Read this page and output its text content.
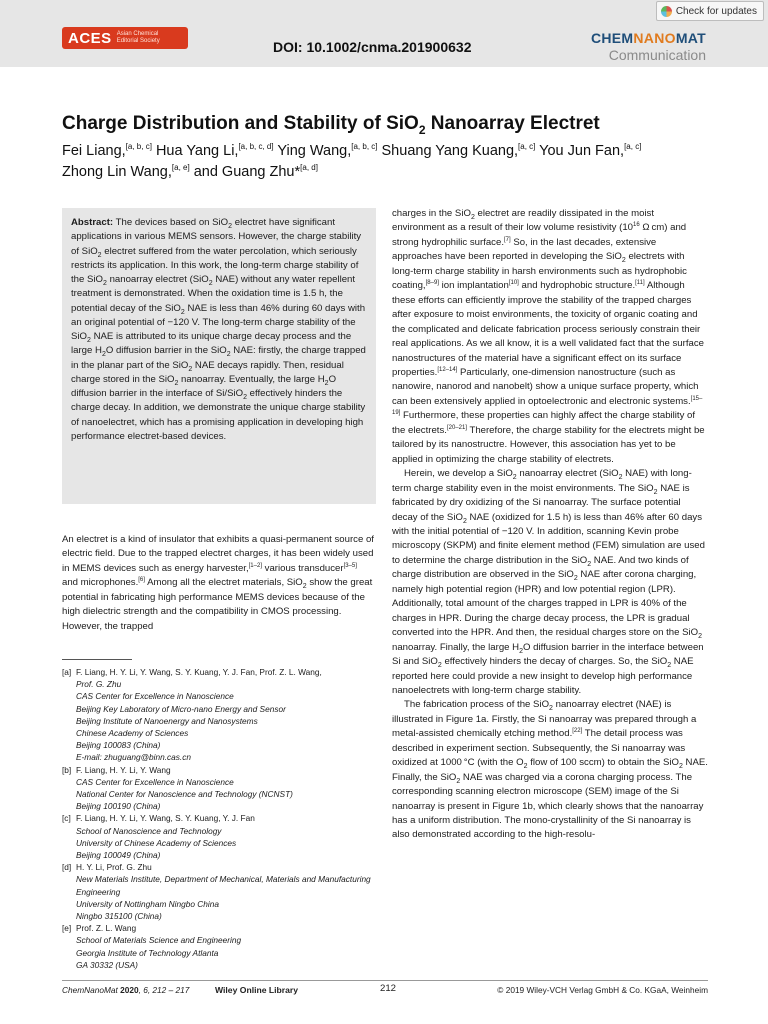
Check for updates
ACES Asian Chemical
Editorial Society	DOI: 10.1002/cnma.201900632
CHEMNANOMAT
Communication
Charge Distribution and Stability of SiO$_2$ Nanoarray Electret
Fei Liang,[a, b, c] Hua Yang Li,[a, b, c, d] Ying Wang,[a, b, c] Shuang Yang Kuang,[a, c] You Jun Fan,[a, c]
Zhong Lin Wang,[a, e] and Guang Zhu*[a, d]

Abstract: The devices based on SiO$_2$ electret have significant applications in various MEMS sensors. However, the charge stability of SiO$_2$ electret suffered from the water percolation, which seriously restricts its application. In this work, the long-term charge stability of the SiO$_2$ nanoarray electret (SiO$_2$ NAE) without any water repellent treatment is demonstrated. When the oxidation time is 1.5 h, the potential decay of the SiO$_2$ NAE is less than 46% during 60 days with an original potential of −120 V. The long-term charge stability of the SiO$_2$ NAE is attributed to its unique charge decay process and the large $H_2O$ diffusion barrier in the SiO$_2$ NAE: firstly, the charge trapped in the planar part of the SiO$_2$ NAE decays rapidly. Then, residual charge stored in the SiO$_2$ nanoarray. Eventually, the large $H_2O$ diffusion barrier in the interface of Si/SiO$_2$ effectively hinders the charge decay. In addition, we demonstrate the unique charge stability of nanoelectret, which has a promising application in developing high performance electret-based devices.

An electret is a kind of insulator that exhibits a quasi-permanent source of electric field. Due to the trapped electret charges, it has been widely used in MEMS devices such as energy harvester,[1–2] various transducer[3–5] and microphones.[6] Among all the electret materials, SiO$_2$ show the great potential in fabricating high performance MEMS devices because of the high dielectric strength and the compatibility in CMOS processing. However, the trapped

[a] F. Liang, H. Y. Li, Y. Wang, S. Y. Kuang, Y. J. Fan, Prof. Z. L. Wang,
Prof. G. Zhu
CAS Center for Excellence in Nanoscience
Beijing Key Laboratory of Micro-nano Energy and Sensor
Beijing Institute of Nanoenergy and Nanosystems
Chinese Academy of Sciences
Beijing 100083 (China)
E-mail: zhuguang@binn.cas.cn
[b] F. Liang, H. Y. Li, Y. Wang
CAS Center for Excellence in Nanoscience
National Center for Nanoscience and Technology (NCNST)
Beijing 100190 (China)
[c] F. Liang, H. Y. Li, Y. Wang, S. Y. Kuang, Y. J. Fan
School of Nanoscience and Technology
University of Chinese Academy of Sciences
Beijing 100049 (China)
[d] H. Y. Li, Prof. G. Zhu
New Materials Institute, Department of Mechanical, Materials and Manufacturing Engineering
University of Nottingham Ningbo China
Ningbo 315100 (China)
[e] Prof. Z. L. Wang
School of Materials Science and Engineering
Georgia Institute of Technology Atlanta
GA 30332 (USA)

charges in the SiO$_2$ electret are readily dissipated in the moist environment as a result of their low volume resistivity ($10^{16}$ Ω cm) and strong hydrophilic surface.[7] So, in the last decades, extensive approaches have been reported in developing the SiO$_2$ electrets with long-term charge stability in harsh environments such as hydrophobic coating,[8–9] ion implantation[10] and hydrophobic structure.[11] Although these efforts can efficiently improve the stability of the trapped charges after exposure to moist environments, the toxicity of organic coating and the complicated and delicate fabrication process seriously constrain their real applications. As we all know, it is a well validated fact that the surface nanostructures of the material have a significant effect on its surface properties.[12–14] Particularly, one-dimension nanostructure (such as nanowire, nanorod and nanobelt) show a unique surface property, which can been extensively applied in optoelectronic and electronic systems.[15–19] Furthermore, these properties can highly affect the charge stability of the electrets.[20–21] Therefore, the charge stability for the electrets might be tailored by its nanostructre. However, this association has yet to be applied in optimizing the charge stability of electrets.

Herein, we develop a SiO$_2$ nanoarray electret (SiO$_2$ NAE) with long-term charge stability even in the moist environments. The SiO$_2$ NAE is fabricated by dry oxidizing of the Si nanoarray. The surface potential decay of the SiO$_2$ NAE (oxidized for 1.5 h) is less than 46% after 60 days with the initial potential of −120 V. In addition, scanning Kevin probe microscopy (SKPM) and finite element method (FEM) simulation are used to determine the charge distribution in the SiO$_2$ NAE. And two kinds of charge distribution are observed in the SiO$_2$ NAE after corona charging, namely high potential region (HPR) and low potential region (LPR). Additionally, total amount of the charges trapped in LPR is 40% of the charges in HPR. During the charge decay process, the LPR is gradual converted into the HPR. And then, the residual charges store on the SiO$_2$ nanoarray. Finally, the large $H_2O$ diffusion barrier in the interface between Si and SiO$_2$ effectively hinders the decay of charges. So, the SiO$_2$ NAE reported here could provide a new insight to develop high performance nanoelectrets with long-term charge stability.

The fabrication process of the SiO$_2$ nanoarray electret (NAE) is illustrated in Figure 1a. Firstly, the Si nanoarray was prepared through a metal-assisted chemically etching method.[22] The detail process was described in experiment section. Subsequently, the Si nanoarray was oxidized at 1000 °C (with the $O_2$ flow of 100 sccm) to obtain the SiO$_2$ NAE. Finally, the SiO$_2$ NAE was charged via a corona charging process. The corresponding scanning electron microscope (SEM) image of the Si nanoarray is present in Figure 1b, which clearly shows that the nanoarray has a uniform distribution. The mono-crystallinity of the Si nanoarray is also demonstrated according to the high-resolu-

ChemNanoMat 2020, 6, 212 – 217	Wiley Online Library	212	© 2019 Wiley-VCH Verlag GmbH & Co. KGaA, Weinheim
